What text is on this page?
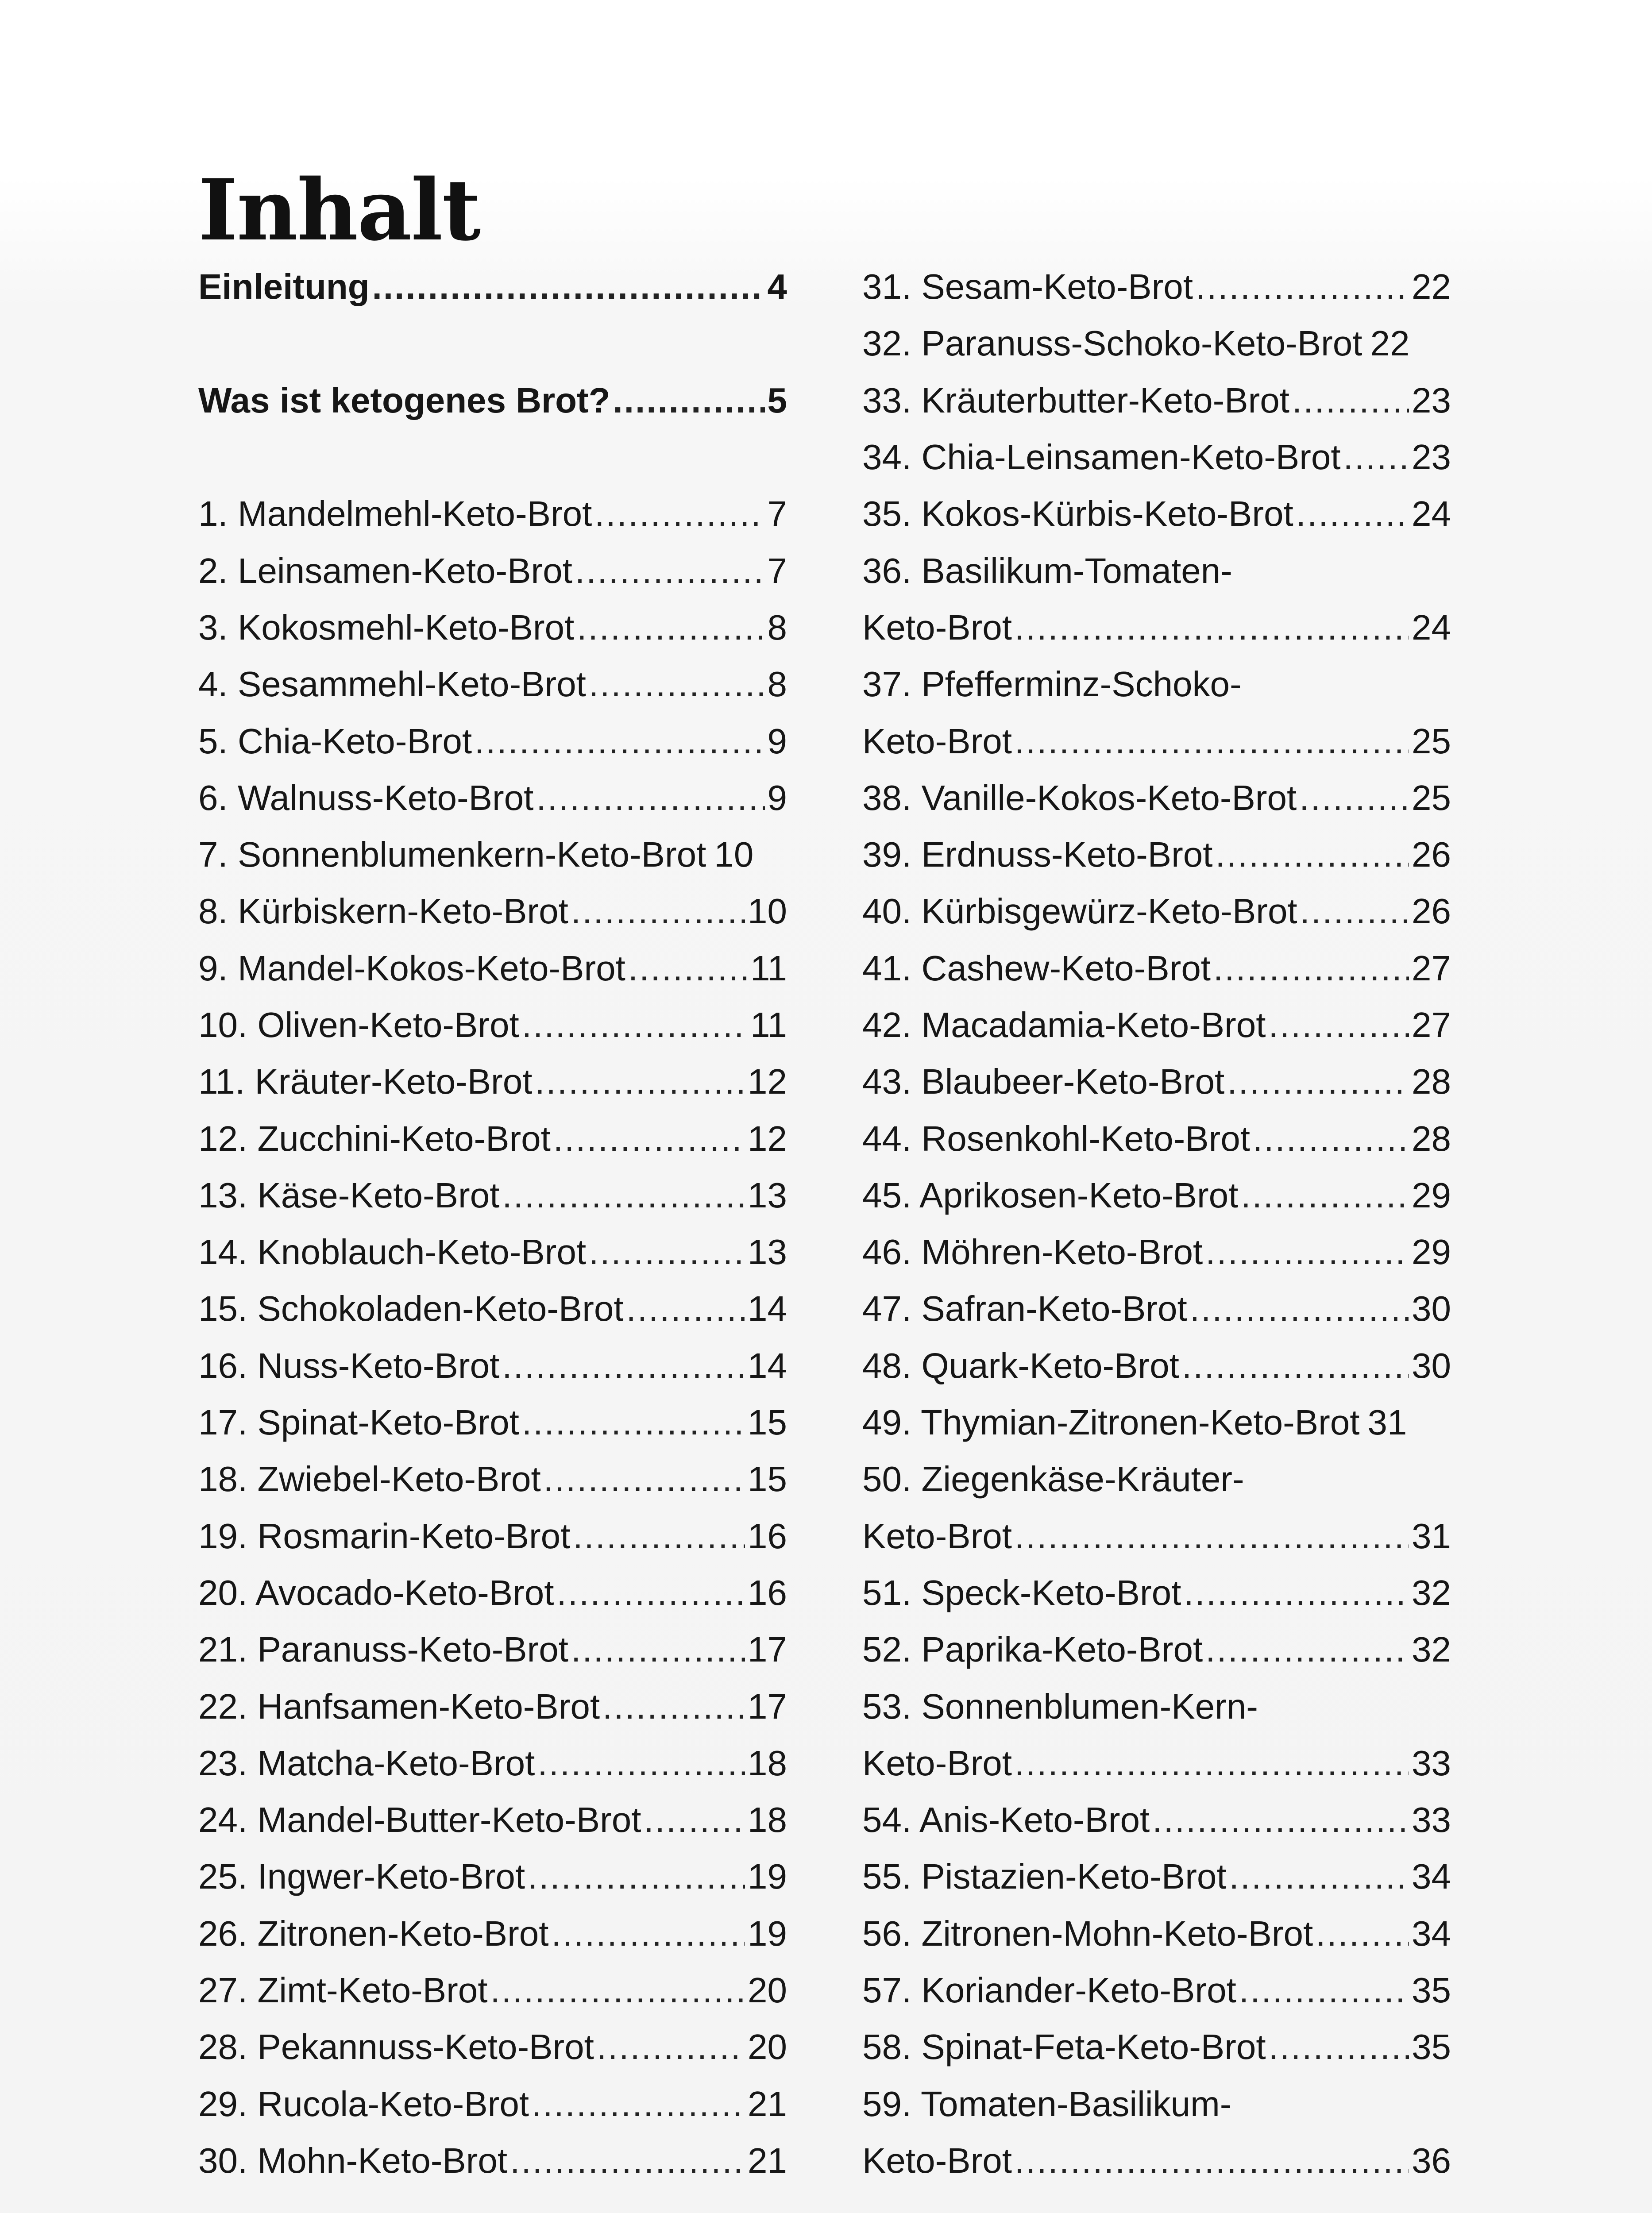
Inhalt
Einleitung .....	4
Was ist ketogenes Brot? .....	5
1. Mandelmehl-Keto-Brot .....	7
2. Leinsamen-Keto-Brot .....	7
3. Kokosmehl-Keto-Brot .....	8
4. Sesammehl-Keto-Brot .....	8
5. Chia-Keto-Brot .....	9
6. Walnuss-Keto-Brot .....	9
7. Sonnenblumenkern-Keto-Brot 10
8. Kürbiskern-Keto-Brot .....	10
9. Mandel-Kokos-Keto-Brot .....	11
10. Oliven-Keto-Brot .....	11
11. Kräuter-Keto-Brot .....	12
12. Zucchini-Keto-Brot .....	12
13. Käse-Keto-Brot .....	13
14. Knoblauch-Keto-Brot .....	13
15. Schokoladen-Keto-Brot .....	14
16. Nuss-Keto-Brot .....	14
17. Spinat-Keto-Brot .....	15
18. Zwiebel-Keto-Brot .....	15
19. Rosmarin-Keto-Brot .....	16
20. Avocado-Keto-Brot .....	16
21. Paranuss-Keto-Brot .....	17
22. Hanfsamen-Keto-Brot .....	17
23. Matcha-Keto-Brot .....	18
24. Mandel-Butter-Keto-Brot .....	18
25. Ingwer-Keto-Brot .....	19
26. Zitronen-Keto-Brot .....	19
27. Zimt-Keto-Brot .....	20
28. Pekannuss-Keto-Brot .....	20
29. Rucola-Keto-Brot .....	21
30. Mohn-Keto-Brot .....	21
31. Sesam-Keto-Brot .....	22
32. Paranuss-Schoko-Keto-Brot 22
33. Kräuterbutter-Keto-Brot .....	23
34. Chia-Leinsamen-Keto-Brot ..... 23
35. Kokos-Kürbis-Keto-Brot .....	24
36. Basilikum-Tomaten-
Keto-Brot .....	24
37. Pfefferminz-Schoko-
Keto-Brot .....	25
38. Vanille-Kokos-Keto-Brot .....	25
39. Erdnuss-Keto-Brot .....	26
40. Kürbisgewürz-Keto-Brot .....	26
41. Cashew-Keto-Brot .....	27
42. Macadamia-Keto-Brot .....	27
43. Blaubeer-Keto-Brot .....	28
44. Rosenkohl-Keto-Brot .....	28
45. Aprikosen-Keto-Brot .....	29
46. Möhren-Keto-Brot .....	29
47. Safran-Keto-Brot .....	30
48. Quark-Keto-Brot .....	30
49. Thymian-Zitronen-Keto-Brot 31
50. Ziegenkäse-Kräuter-
Keto-Brot .....	31
51. Speck-Keto-Brot .....	32
52. Paprika-Keto-Brot .....	32
53. Sonnenblumen-Kern-
Keto-Brot .....	33
54. Anis-Keto-Brot .....	33
55. Pistazien-Keto-Brot .....	34
56. Zitronen-Mohn-Keto-Brot .....	34
57. Koriander-Keto-Brot .....	35
58. Spinat-Feta-Keto-Brot .....	35
59. Tomaten-Basilikum-
Keto-Brot .....	36
